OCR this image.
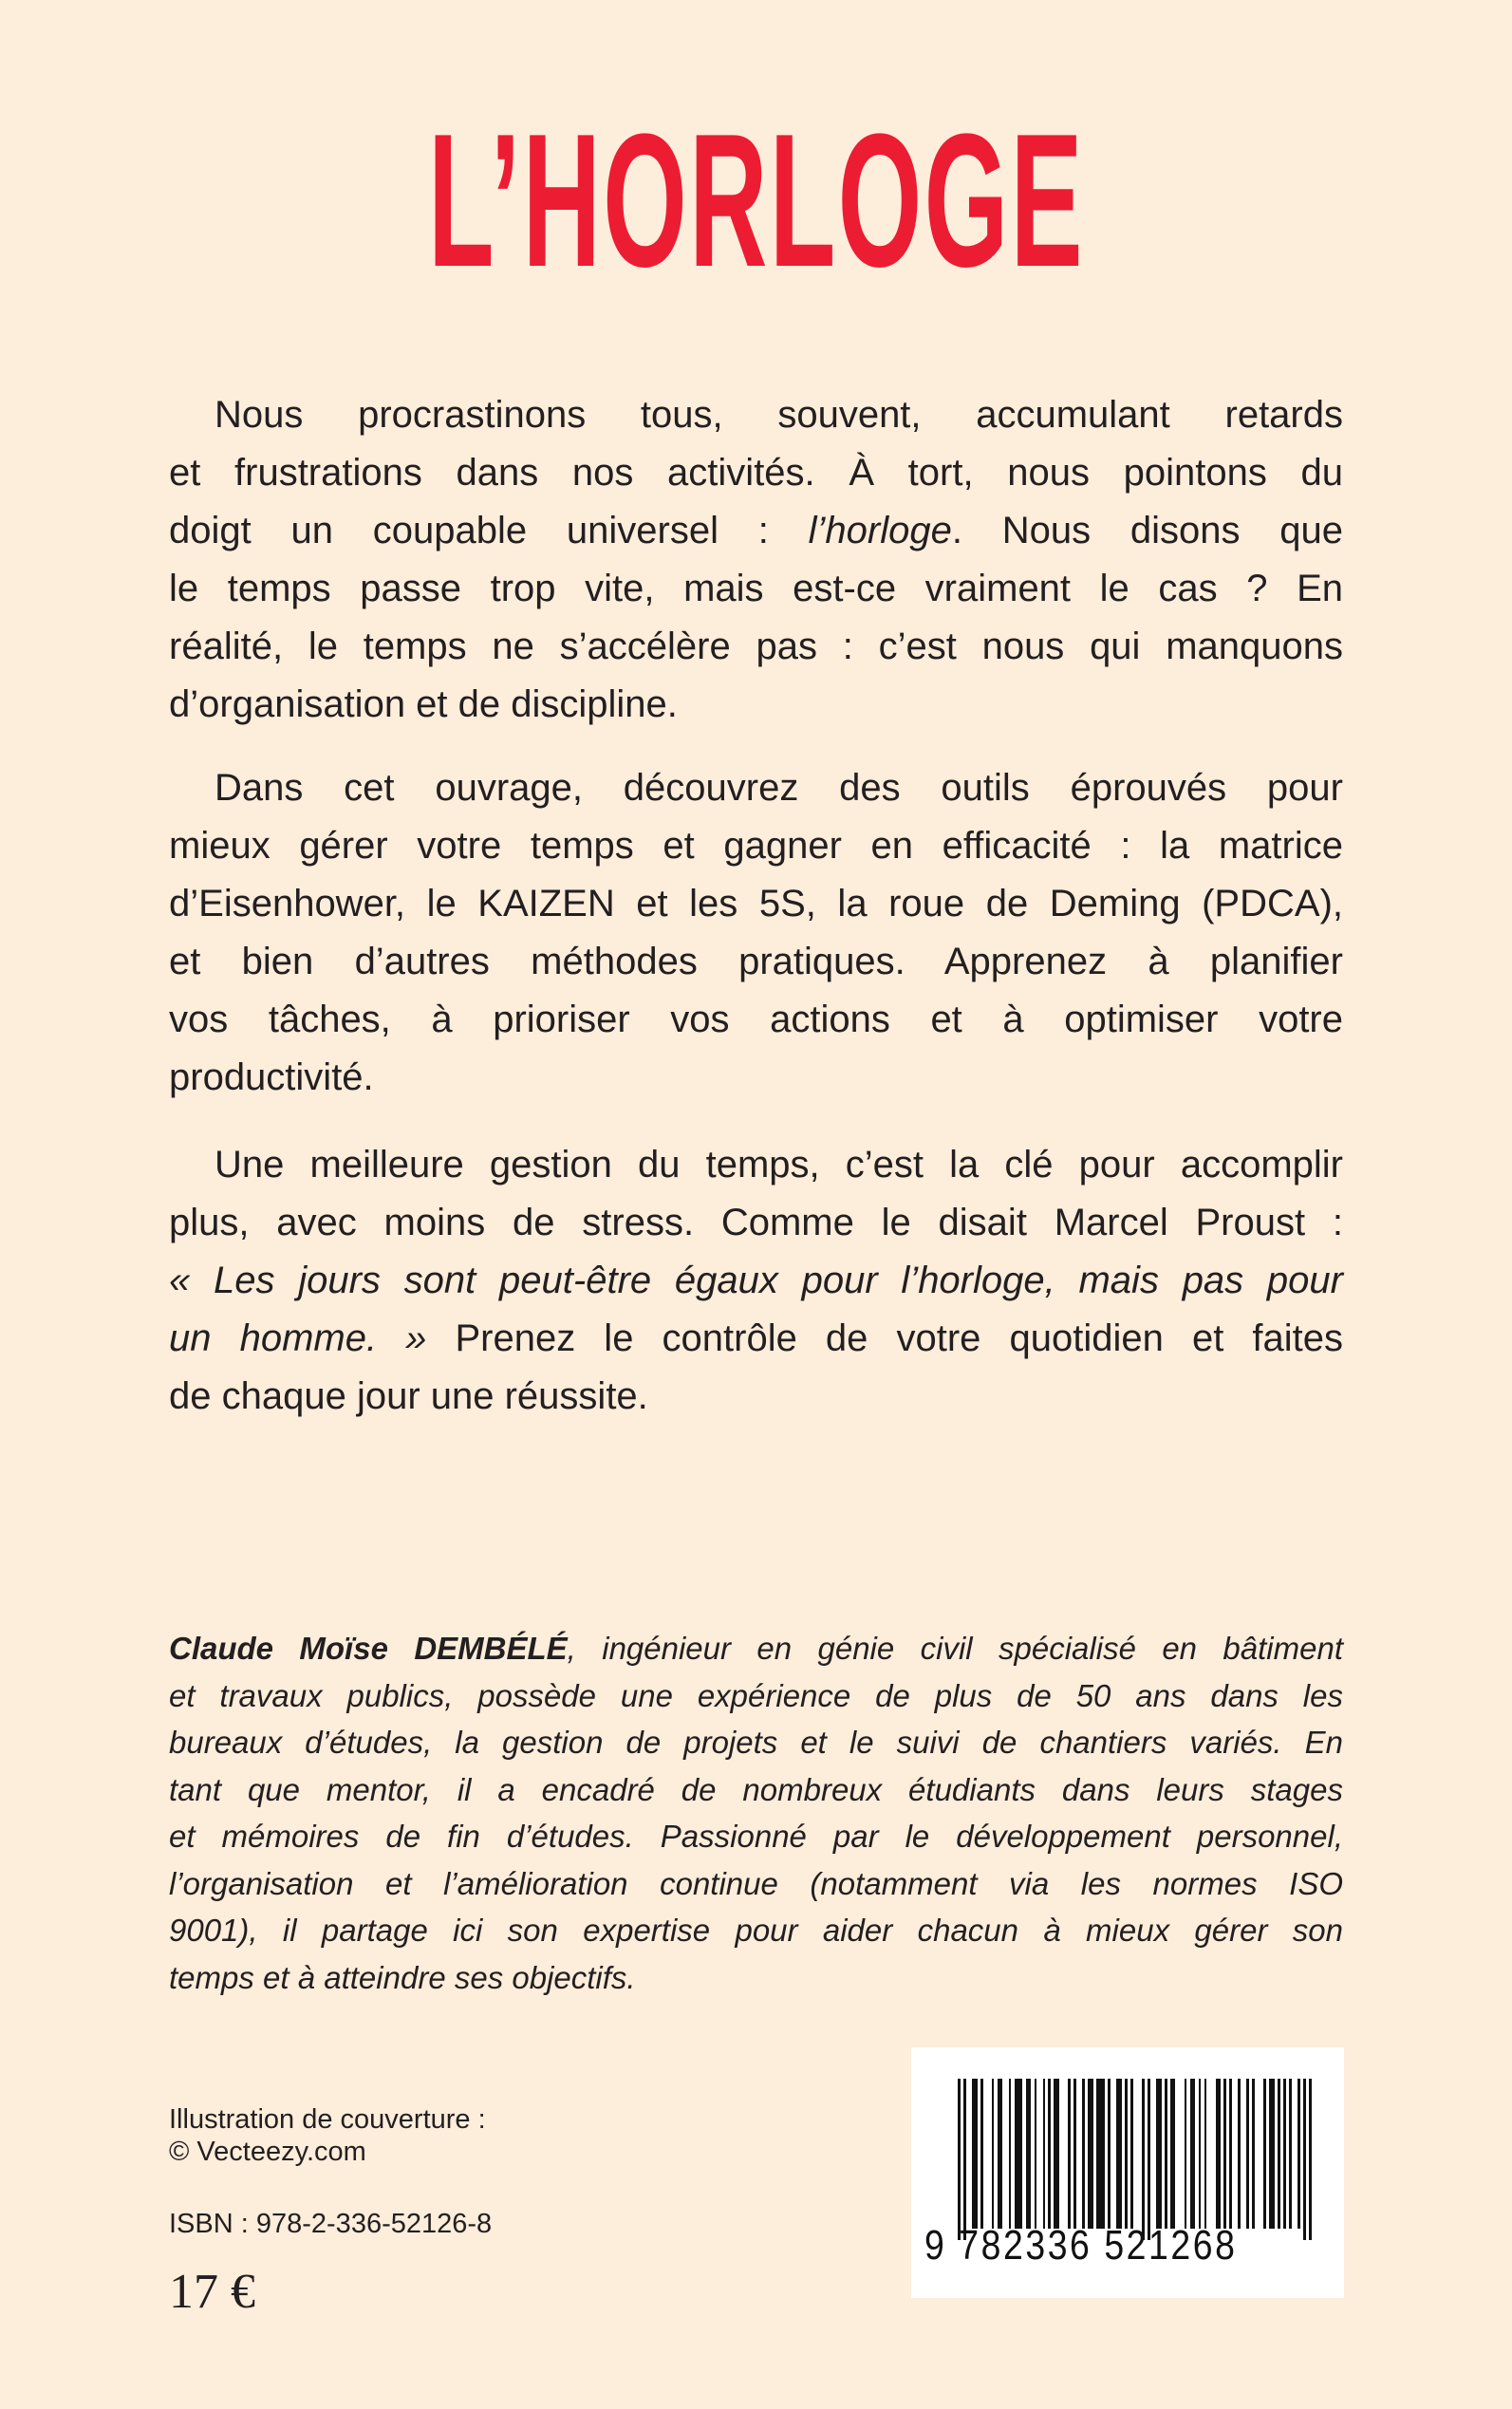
L’HORLOGE
Nous procrastinons tous, souvent, accumulant retards
et frustrations dans nos activités. À tort, nous pointons du
doigt un coupable universel : l’horloge. Nous disons que
le temps passe trop vite, mais est-ce vraiment le cas ? En
réalité, le temps ne s’accélère pas : c’est nous qui manquons
d’organisation et de discipline.
Dans cet ouvrage, découvrez des outils éprouvés pour
mieux gérer votre temps et gagner en efficacité : la matrice
d’Eisenhower, le KAIZEN et les 5S, la roue de Deming (PDCA),
et bien d’autres méthodes pratiques. Apprenez à planifier
vos tâches, à prioriser vos actions et à optimiser votre
productivité.
Une meilleure gestion du temps, c’est la clé pour accomplir
plus, avec moins de stress. Comme le disait Marcel Proust :
« Les jours sont peut-être égaux pour l’horloge, mais pas pour
un homme. » Prenez le contrôle de votre quotidien et faites
de chaque jour une réussite.
Claude Moïse DEMBÉLÉ, ingénieur en génie civil spécialisé en bâtiment
et travaux publics, possède une expérience de plus de 50 ans dans les
bureaux d’études, la gestion de projets et le suivi de chantiers variés. En
tant que mentor, il a encadré de nombreux étudiants dans leurs stages
et mémoires de fin d’études. Passionné par le développement personnel,
l’organisation et l’amélioration continue (notamment via les normes ISO
9001), il partage ici son expertise pour aider chacun à mieux gérer son
temps et à atteindre ses objectifs.
Illustration de couverture :
© Vecteezy.com
ISBN : 978-2-336-52126-8
17 €
9 782336 521268
